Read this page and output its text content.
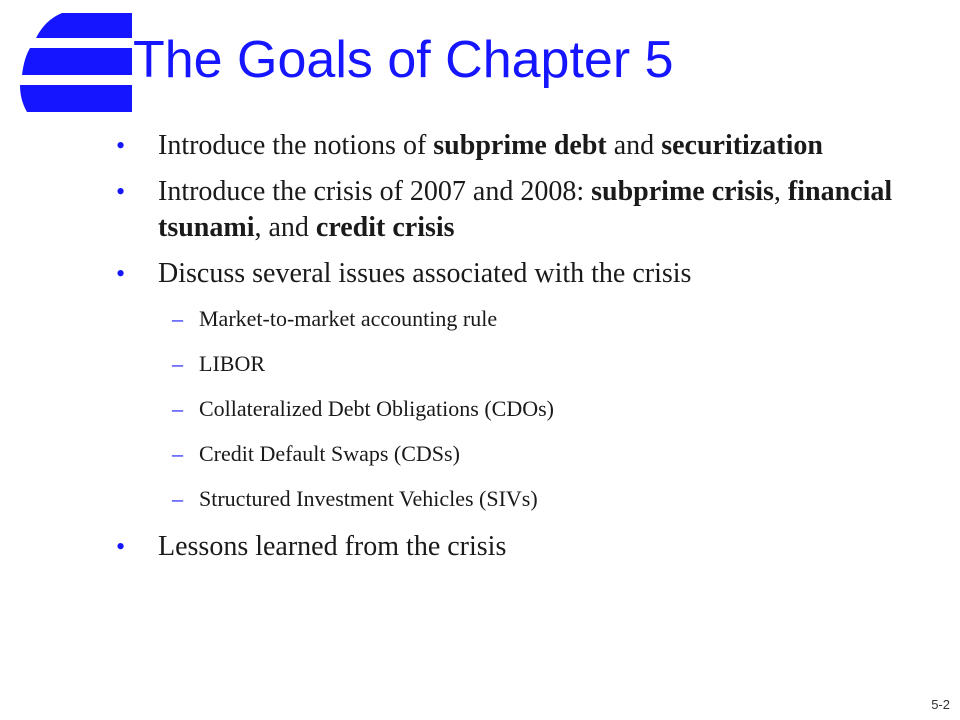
The Goals of Chapter 5
• Introduce the notions of subprime debt and securitization
• Introduce the crisis of 2007 and 2008: subprime crisis, financial tsunami, and credit crisis
• Discuss several issues associated with the crisis
– Market-to-market accounting rule
– LIBOR
– Collateralized Debt Obligations (CDOs)
– Credit Default Swaps (CDSs)
– Structured Investment Vehicles (SIVs)
• Lessons learned from the crisis
5-2
